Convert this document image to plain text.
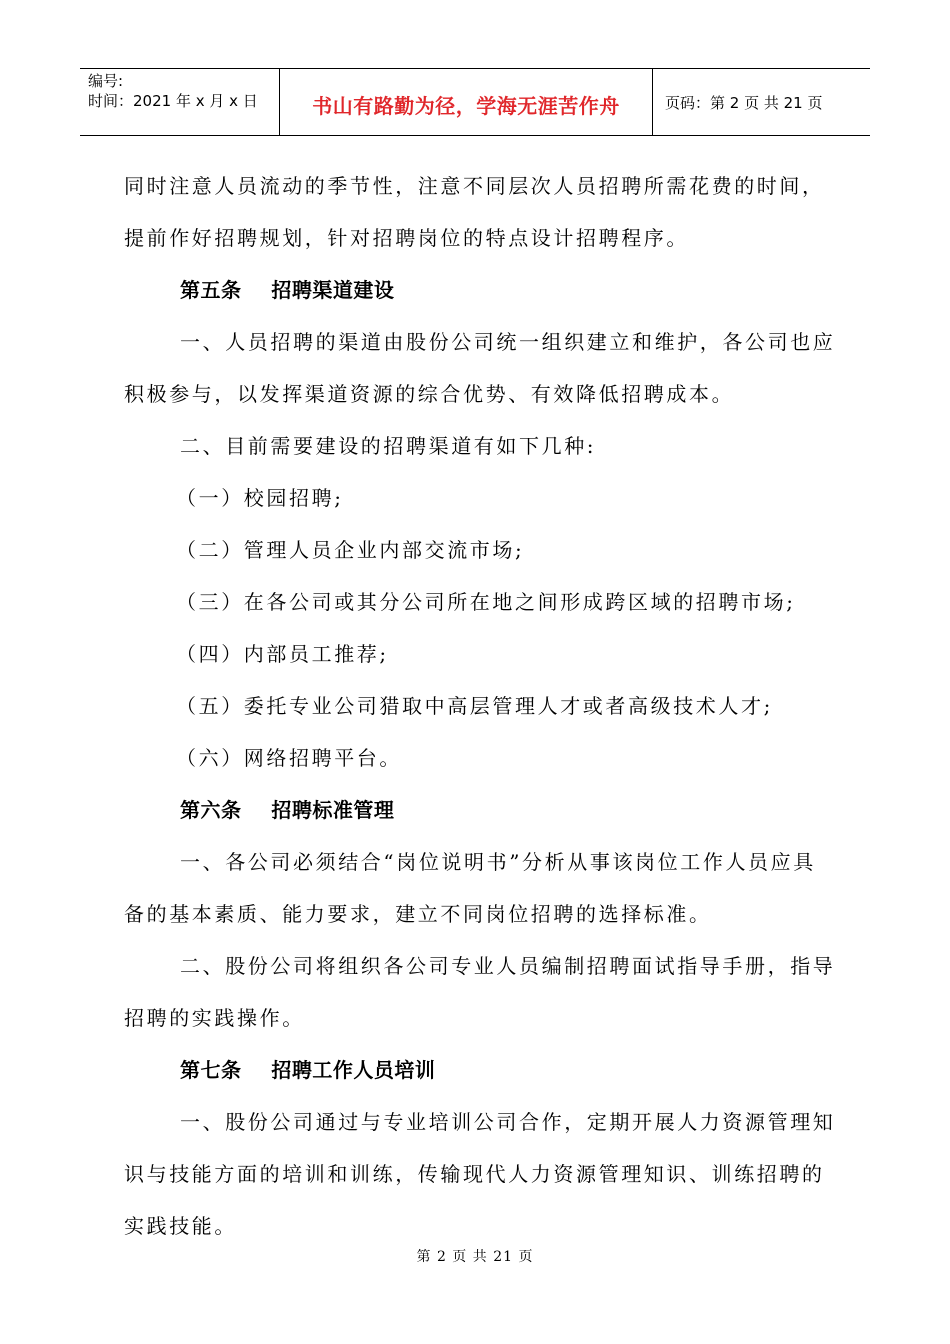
编号:
时间：2021 年 x 月 x 日	书山有路勤为径，学海无涯苦作舟	页码：第 2 页 共 21 页

同时注意人员流动的季节性，注意不同层次人员招聘所需花费的时间，

提前作好招聘规划，针对招聘岗位的特点设计招聘程序。

第五条    招聘渠道建设

一、人员招聘的渠道由股份公司统一组织建立和维护，各公司也应

积极参与，以发挥渠道资源的综合优势、有效降低招聘成本。

二、目前需要建设的招聘渠道有如下几种:

（一）校园招聘;

（二）管理人员企业内部交流市场;

（三）在各公司或其分公司所在地之间形成跨区域的招聘市场;

（四）内部员工推荐;

（五）委托专业公司猎取中高层管理人才或者高级技术人才;

（六）网络招聘平台。

第六条    招聘标准管理

一、各公司必须结合“岗位说明书”分析从事该岗位工作人员应具

备的基本素质、能力要求，建立不同岗位招聘的选择标准。

二、股份公司将组织各公司专业人员编制招聘面试指导手册，指导

招聘的实践操作。

第七条    招聘工作人员培训

一、股份公司通过与专业培训公司合作，定期开展人力资源管理知

识与技能方面的培训和训练，传输现代人力资源管理知识、训练招聘的

实践技能。

第 2 页 共 21 页
